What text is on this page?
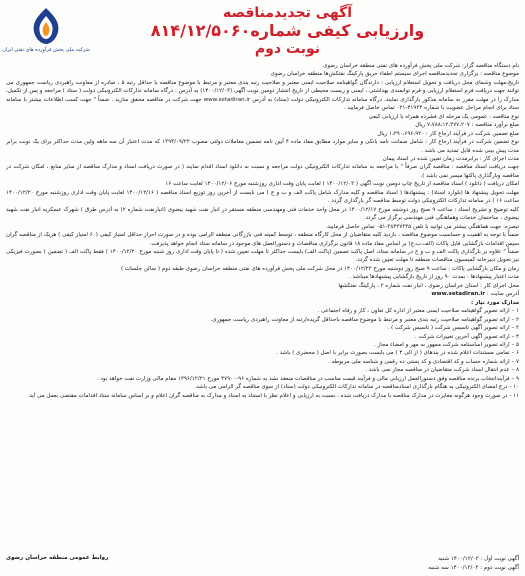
شرکت ملی پخش فرآورده های نفتی ایران
آگهی تجدیدمناقصه
وارزیابی کیفی شماره۸۱۴/۱۲/۵۰۶۰
نوبت دوم

نام دستگاه مناقصه گزار: شرکت ملی پخش فرآورده های نفتی منطقه خراسان رضوی

موضوع مناقصه : برگزاری تجدیدمناقصه اجرای سیستم اطفاء حریق پارکینگ نفتکش‌ها منطقه خراسان رضوی

تاریخ،مهلت وشمای محل دریافت و تحویل استعلام ارزیابی : دارندگان گواهینامه صلاحیت ایمنی معتبر و صلاحیت رتبه بندی معتبر و مرتبط با موضوع مناقصه با حداقل رتبه ۵ ، صادره از معاونت راهبردی ریاست جمهوری می توانند جهت دریافت فرم استعلام ارزیابی و فرم توانمندی بهداشتی ، ایمنی و زیست محیطی از تاریخ انتشار دومین نوبت آگهی (۱۴۰۰/۱۲/۰۳) به آدرس : درگاه سامانه تدارکات الکترونیکی دولت ( ستاد ) مراجعه و پس از تکمیل، مدارک را در مهلت مقرر به سامانه مذکور بارگذاری نمایند. درگاه سامانه تدارکات الکترونیکی دولت (ستاد) به آدرس www.setadiran.ir جهت شرکت در مناقصه محقق سازید . ضمناً " جهت کسب اطلاعات بیشتر با سامانه ستاد برای انجام مراحل عضویت با شماره ۴۱۹۳۴-۰۲۱ تماس حاصل فرمایید .

نوع مناقصه : عمومی یک مرحله ای فشرده همراه با ارزیابی کیفی

مبلغ برآورد مناقصه : ۷،۷۸۸،۱۲،۳۷۷،۲۰۷ ریال

مبلغ تضمین شرکت در فرآیند ارجاع کار : ۱،۳۹۰،۶۹۶،۹۳۰ ریال

نوع تضمین شرکت در فرآیند ارجاع کار : شامل ضمانت نامه بانکی و سایر موارد مطابق مفاد ماده ۴ آیین نامه تضمین معاملات دولتی مصوب ۱۳۹۴/۰۹/۲۲ که مدت اعتبار آن سه ماهه ولین مدت حداکثر برای یک نوبت برابر مدت پیش بینی شده قابل تمدید می باشد .

مدت اجرای کار : برابرمدت زمان تعیین شده در اسناد پیمان

جهت دریافت اسناد مناقصه : مناقصه گران صرفاً " با مراجعه به سامانه تدارکات الکترونیکی دولت مراجعه و نسبت به دانلود اسناد اقدام نمایند ( در صورت دریافت اسناد و مدارک مناقصه از سایر منابع ، امکان شرکت در مناقصه وبارگذاری پاکتها میسر نمی باشد ).

امکان دریافت ( دانلود ) اسناد مناقصه از تاریخ چاپ دومین نوبت آگهی ( ۱۴۰۰/۱۲/۰۳ ) لغایت پایان وقت اداری روزشنبه مورخ ۱۴۰۰/۱۲/۰۶ لغایت ساعت ۱۶

مهلت تحویل پیشنهاد ها (بلوارد اسناد) : پیشنهادها ( اسناد مناقصه و کلیه مدارک شامل پاکت الف و ب و ج ) می بایست از آخرین روز توزیع اسناد مناقصه ( ۱۴۰۰/۱۲/۱۶ لغایت پایان وقت اداری روزشنبه مورخ ۱۴۰۰/۱۲/۲۰ ساعت ۱۶ ) در سامانه تدارکات الکترونیکی دولت توسط مناقصه گر بارگذاری گردد .

کلیه توضیح و تشریح اسناد : ساعت ۹ صبح روز دوشنبه مورخ ۱۴۰۰/۱۲/۱۷ در محل واحد خدمات فنی ومهندسی منطقه مستقر در انبار نفت شهید بیضوی (انبارنفت شماره ۲) به آدرس طرق ) شهرک عسکریه انبار نفت شهید بیضوی ، ساختمان خدمات وهماهنگی فنی مهندسی برگزار می گردد.

تبصره: جهت هماهنگی بیشتر می توانید با تلفن ۳۸۴۳۷۳۳۵-۰۵۱ تماس حاصل فرمایید.

ضمناً با توجه به اهمیت و حساسیت موضوع مناقصه ، بازدید کلیه متقاضیان از محل کارگاه منطقه ، توسط کمیته فنی بازرگانی منطقه الزامی بوده و در صورت احراز حداقل امتیاز کیفی (۶۰ امتیاز کیفی ) هریک از مناقصه گران سپس اقدامات بازگشایی فایل پاکات (الف،ب،ج) بر اساس مفاد ماده ۱۸ قانون برگزاری مناقصات و دستورالعمل های موجود در سامانه ستاد انجام خواهد پذیرفت.

ضمناً " علاوه بر بارگذاری پاکت الف و ب و ج در سامانه ستاد، اصل پاکت تضمین (پاکت الف) بایست حداکثر تا مهلت تعیین شده ( تا پایان وقت اداری روز شنبه مورخ ۱۴۰۰/۱۲/۲۰ ) فقط پاکت الف ( تضمین ) بصورت فیزیکی نیز تحویل دبیرخانه کمیسیون مناقصات منطقه تا مهلت تعیین شده گردد.

زمان و مکان بازگشایی پاکات : ساعت ۹ صبح روز دوشنبه مورخ ۱۴۰۰/۱۲/۲۲ در محل شرکت ملی پخش فرآورده های نفتی منطقه خراسان رضوی طبقه دوم ( سالن جلسات )

مدت اعتبار پیشنهادها : بمدت ۹۰ روز از تاریخ بازگشایی پیشنهادها میباشد .

محل اجرای کار : استان خراسان رضوی ، انبار نفت شماره ۲ ، پارکینگ نفتکشها

آدرس سایت : www.setadiran.ir

مدارک مورد نیاز :

۱ – ارائه تصویر گواهینامه صلاحیت ایمنی معتبر از اداره کل تعاون ، کار و رفاه اجتماعی .
۲ – ارائه تصویر گواهینامه صلاحیت رتبه بندی معتبر و مرتبط با موضوع مناقصه باحداقل گریده/رتبه از معاونت راهبردی ریاست جمهوری.
۳ – ارائه تصویر آگهی تاسیس شرکت ( تاسیس شرکت ) .
۴ – ارائه تصویر آگهی آخرین تغییرات شرکت .
۵ – ارائه تصویر اساسنامه شرکت ممهور به مهر و امضاء مجاز .
۶ – تمامی مستندات اعلام شده در بندهای ( از الی ۴ ) می بایست بصورت برابر با اصل ( محضری ) باشد .
۷ – ارائه شماره حساب و کد اقتصادی و کد پستی ده رقمی و شناسه ملی مربوطه .
۸ – عدم انتقال اسناد شرکت متقاضیان در مناقصه مجاز نمی باشد .
۹ – فرآیندانتخاب برنده مناقصه وفق دستورالعمل ارزیابی مالی و فرآیند قیمت مناسب در مناقصات منعقد نشد به شماره ۹۶-۴۷۹۰۰ مورخ ۱۳۹۶/۱۲/۲۱ مقام مالی وزارت نفت خواهد بود .
۱۰ - درج امضای الکترونیکی به هنگام بارگذاری اسنادمناقصه در سامانه تدارکات الکترونیکی دولت (ستاد) از سوی مناقصه گر الزامی می باشد.
۱۱ - در صورت وجود هرگونه مغایرت در مدارک مناقصه با مدارک دریافت شده ، نسبت به ارزیابی و اعلام نظر با استناد به اسناد و مدارک به مناقصه گران اعلام و بر اساس سامانه ستاد اقدامات مقتضی بعمل می آید.
روابط عمومی منطقه خراسان رضوی	آگهی نوبت اول : ۱۴۰۰/۱۲/۰۲ شنبه
آگهی نوبت دوم : ۱۴۰۰/۱۲/۰۳ سه شنبه
